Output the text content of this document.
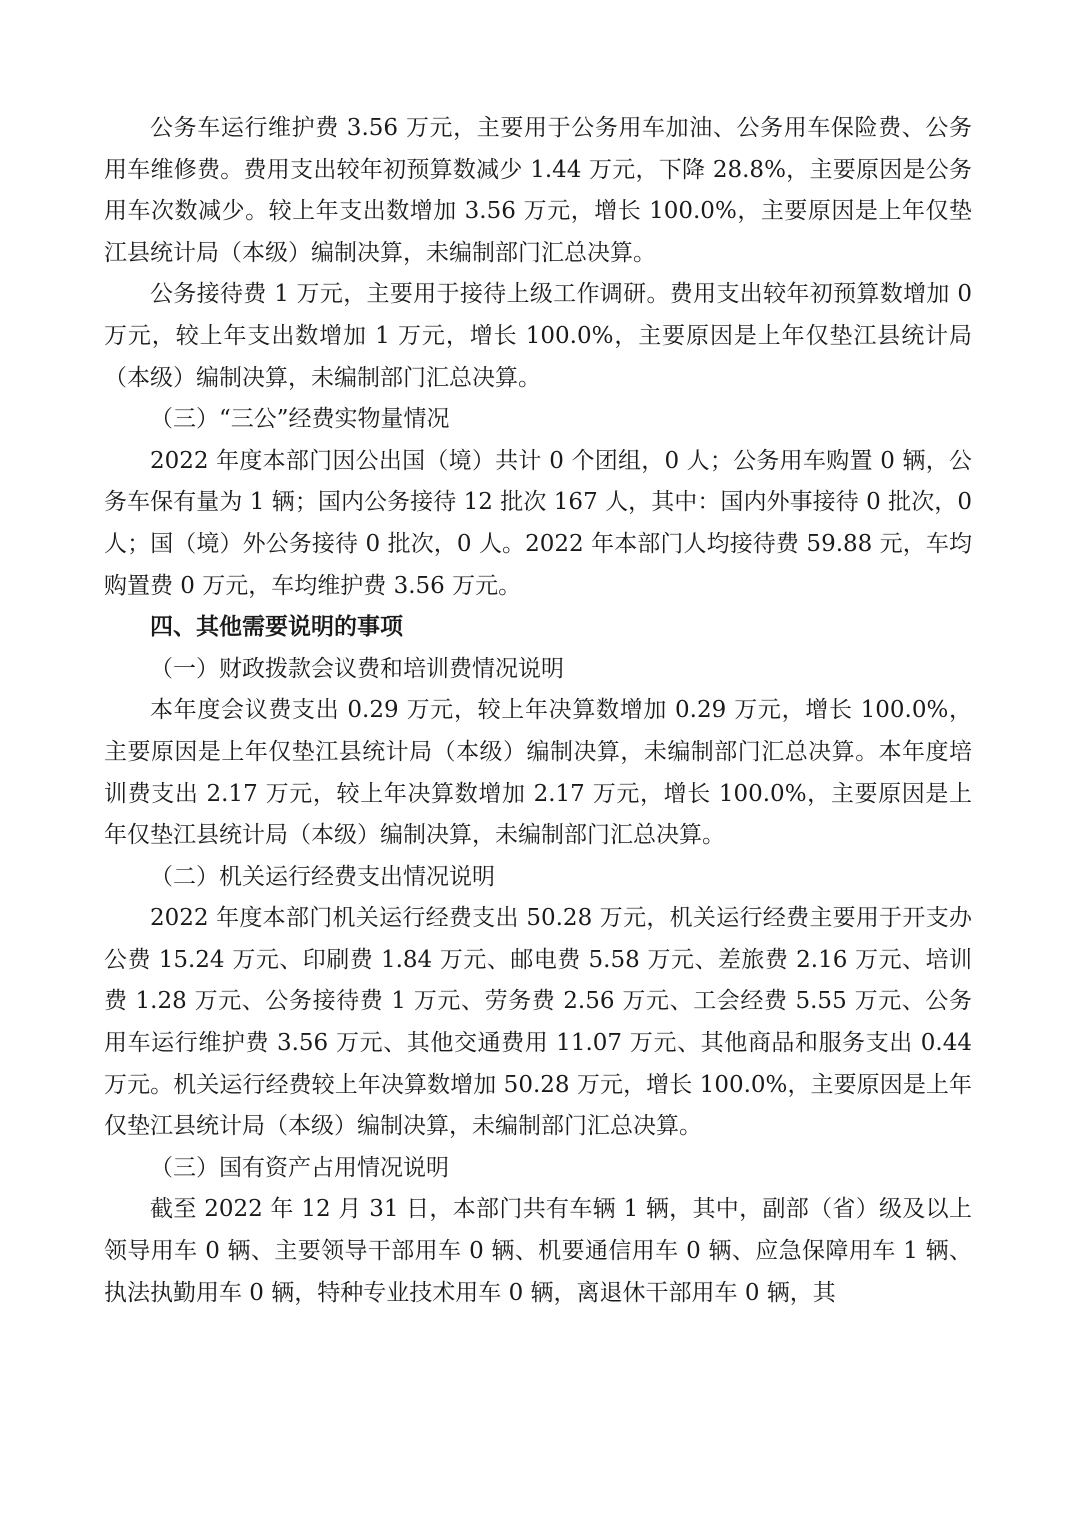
公务车运行维护费 3.56 万元，主要用于公务用车加油、公务用车保险费、公务用车维修费。费用支出较年初预算数减少 1.44 万元，下降 28.8%，主要原因是公务用车次数减少。较上年支出数增加 3.56 万元，增长 100.0%，主要原因是上年仅垫江县统计局（本级）编制决算，未编制部门汇总决算。

公务接待费 1 万元，主要用于接待上级工作调研。费用支出较年初预算数增加 0 万元，较上年支出数增加 1 万元，增长 100.0%，主要原因是上年仅垫江县统计局（本级）编制决算，未编制部门汇总决算。

（三）“三公”经费实物量情况

2022 年度本部门因公出国（境）共计 0 个团组，0 人；公务用车购置 0 辆，公务车保有量为 1 辆；国内公务接待 12 批次 167 人，其中：国内外事接待 0 批次，0 人；国（境）外公务接待 0 批次，0 人。2022 年本部门人均接待费 59.88 元，车均购置费 0 万元，车均维护费 3.56 万元。

四、其他需要说明的事项

（一）财政拨款会议费和培训费情况说明

本年度会议费支出 0.29 万元，较上年决算数增加 0.29 万元，增长 100.0%，主要原因是上年仅垫江县统计局（本级）编制决算，未编制部门汇总决算。本年度培训费支出 2.17 万元，较上年决算数增加 2.17 万元，增长 100.0%，主要原因是上年仅垫江县统计局（本级）编制决算，未编制部门汇总决算。

（二）机关运行经费支出情况说明

2022 年度本部门机关运行经费支出 50.28 万元，机关运行经费主要用于开支办公费 15.24 万元、印刷费 1.84 万元、邮电费 5.58 万元、差旅费 2.16 万元、培训费 1.28 万元、公务接待费 1 万元、劳务费 2.56 万元、工会经费 5.55 万元、公务用车运行维护费 3.56 万元、其他交通费用 11.07 万元、其他商品和服务支出 0.44 万元。机关运行经费较上年决算数增加 50.28 万元，增长 100.0%，主要原因是上年仅垫江县统计局（本级）编制决算，未编制部门汇总决算。

（三）国有资产占用情况说明

截至 2022 年 12 月 31 日，本部门共有车辆 1 辆，其中，副部（省）级及以上领导用车 0 辆、主要领导干部用车 0 辆、机要通信用车 0 辆、应急保障用车 1 辆、执法执勤用车 0 辆，特种专业技术用车 0 辆，离退休干部用车 0 辆，其
